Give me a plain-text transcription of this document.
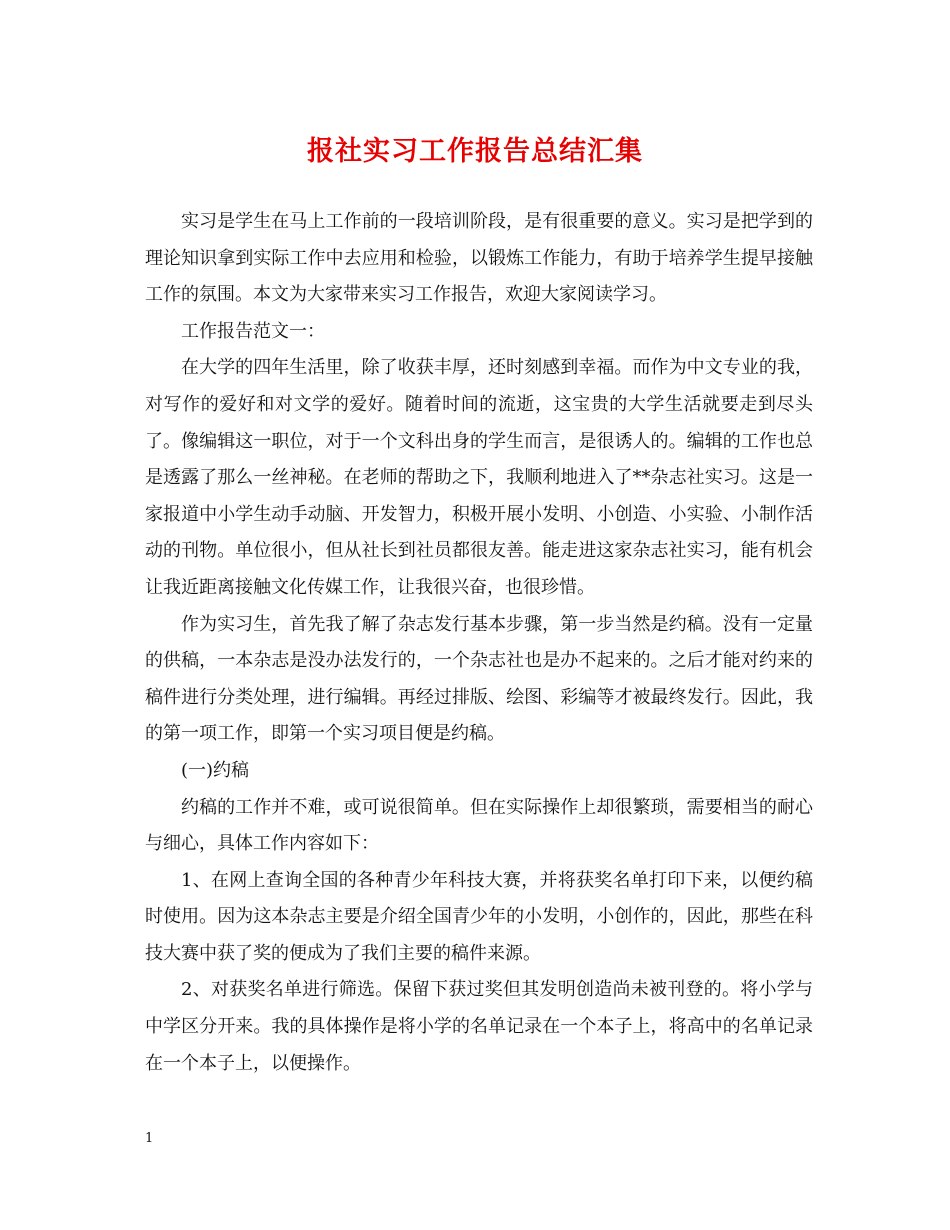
报社实习工作报告总结汇集

实习是学生在马上工作前的一段培训阶段，是有很重要的意义。实习是把学到的理论知识拿到实际工作中去应用和检验，以锻炼工作能力，有助于培养学生提早接触工作的氛围。本文为大家带来实习工作报告，欢迎大家阅读学习。

工作报告范文一：

在大学的四年生活里，除了收获丰厚，还时刻感到幸福。而作为中文专业的我，对写作的爱好和对文学的爱好。随着时间的流逝，这宝贵的大学生活就要走到尽头了。像编辑这一职位，对于一个文科出身的学生而言，是很诱人的。编辑的工作也总是透露了那么一丝神秘。在老师的帮助之下，我顺利地进入了**杂志社实习。这是一家报道中小学生动手动脑、开发智力，积极开展小发明、小创造、小实验、小制作活动的刊物。单位很小，但从社长到社员都很友善。能走进这家杂志社实习，能有机会让我近距离接触文化传媒工作，让我很兴奋，也很珍惜。

作为实习生，首先我了解了杂志发行基本步骤，第一步当然是约稿。没有一定量的供稿，一本杂志是没办法发行的，一个杂志社也是办不起来的。之后才能对约来的稿件进行分类处理，进行编辑。再经过排版、绘图、彩编等才被最终发行。因此，我的第一项工作，即第一个实习项目便是约稿。

(一)约稿

约稿的工作并不难，或可说很简单。但在实际操作上却很繁琐，需要相当的耐心与细心，具体工作内容如下：

1、在网上查询全国的各种青少年科技大赛，并将获奖名单打印下来，以便约稿时使用。因为这本杂志主要是介绍全国青少年的小发明，小创作的，因此，那些在科技大赛中获了奖的便成为了我们主要的稿件来源。

2、对获奖名单进行筛选。保留下获过奖但其发明创造尚未被刊登的。将小学与中学区分开来。我的具体操作是将小学的名单记录在一个本子上，将高中的名单记录在一个本子上，以便操作。

1
